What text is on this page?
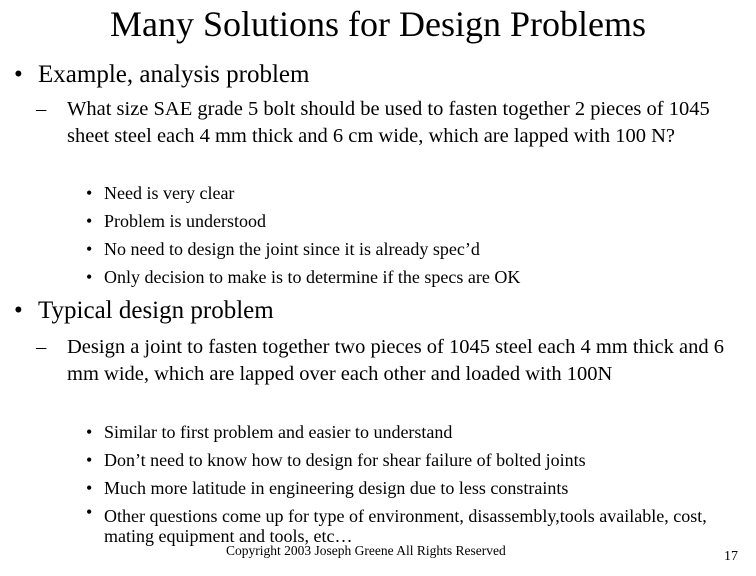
Many Solutions for Design Problems
• Example, analysis problem
– What size SAE grade 5 bolt should be used to fasten together 2 pieces of 1045 sheet steel each 4 mm thick and 6 cm wide, which are lapped with 100 N?
• Need is very clear
• Problem is understood
• No need to design the joint since it is already spec’d
• Only decision to make is to determine if the specs are OK
• Typical design problem
– Design a joint to fasten together two pieces of 1045 steel each 4 mm thick and 6 mm wide, which are lapped over each other and loaded with 100N
• Similar to first problem and easier to understand
• Don’t need to know how to design for shear failure of bolted joints
• Much more latitude in engineering design due to less constraints
• Other questions come up for type of environment, disassembly,tools available, cost, mating equipment and tools, etc…
Copyright 2003 Joseph Greene All Rights Reserved	17
